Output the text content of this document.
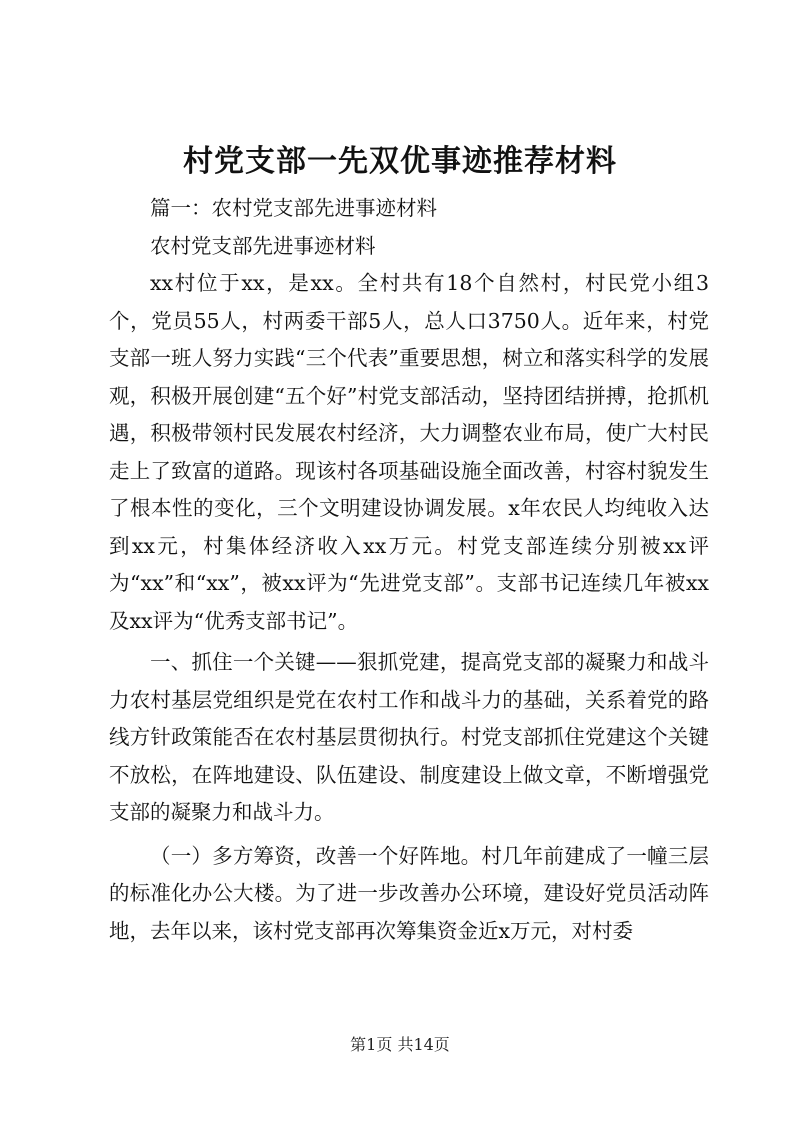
村党支部一先双优事迹推荐材料

篇一：农村党支部先进事迹材料

农村党支部先进事迹材料

xx村位于xx，是xx。全村共有18个自然村，村民党小组3个，党员55人，村两委干部5人，总人口3750人。近年来，村党支部一班人努力实践“三个代表”重要思想，树立和落实科学的发展观，积极开展创建“五个好”村党支部活动，坚持团结拼搏，抢抓机遇，积极带领村民发展农村经济，大力调整农业布局，使广大村民走上了致富的道路。现该村各项基础设施全面改善，村容村貌发生了根本性的变化，三个文明建设协调发展。x年农民人均纯收入达到xx元，村集体经济收入xx万元。村党支部连续分别被xx评为“xx”和“xx”，被xx评为“先进党支部”。支部书记连续几年被xx及xx评为“优秀支部书记”。

一、抓住一个关键——狠抓党建，提高党支部的凝聚力和战斗力农村基层党组织是党在农村工作和战斗力的基础，关系着党的路线方针政策能否在农村基层贯彻执行。村党支部抓住党建这个关键不放松，在阵地建设、队伍建设、制度建设上做文章，不断增强党支部的凝聚力和战斗力。

（一）多方筹资，改善一个好阵地。村几年前建成了一幢三层的标准化办公大楼。为了进一步改善办公环境，建设好党员活动阵地，去年以来，该村党支部再次筹集资金近x万元，对村委

第1页 共14页
